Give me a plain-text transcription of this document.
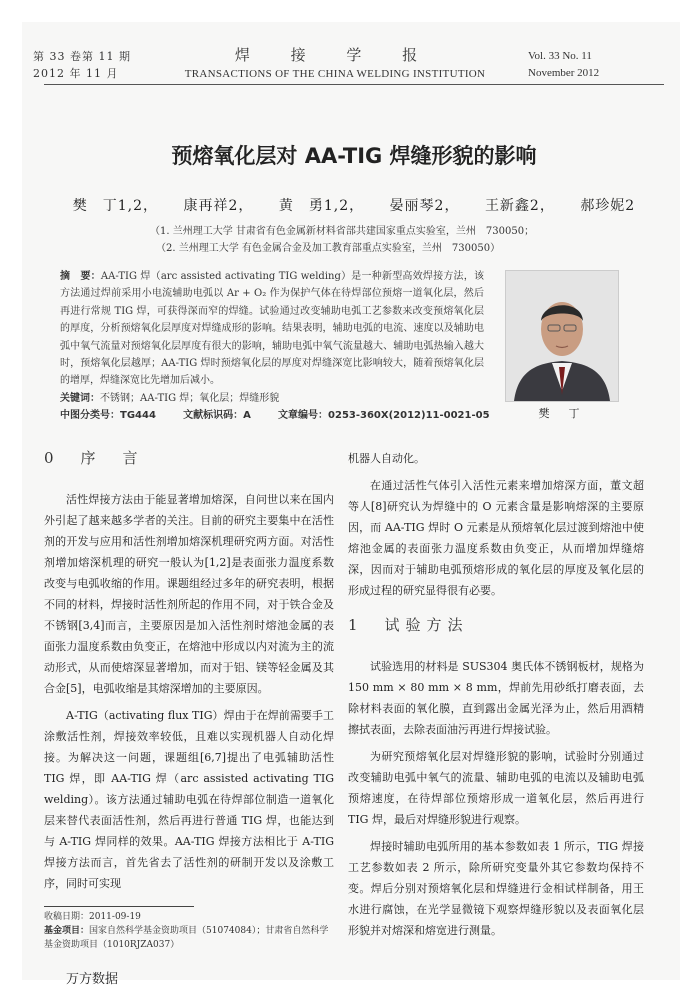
第 33 卷第 11 期
2012 年 11 月
焊 接 学 报
TRANSACTIONS OF THE CHINA WELDING INSTITUTION
Vol. 33 No. 11
November 2012
预熔氧化层对 AA-TIG 焊缝形貌的影响
樊　丁1,2， 康再祥2， 黄　勇1,2， 晏丽琴2， 王新鑫2， 郝珍妮2
（1. 兰州理工大学 甘肃省有色金属新材料省部共建国家重点实验室，兰州　730050；
（2. 兰州理工大学 有色金属合金及加工教育部重点实验室，兰州　730050）
摘　要：AA-TIG 焊（arc assisted activating TIG welding）是一种新型高效焊接方法，该方法通过焊前采用小电流辅助电弧以 Ar + O₂ 作为保护气体在待焊部位预熔一道氧化层，然后再进行常规 TIG 焊，可获得深而窄的焊缝。试验通过改变辅助电弧工艺参数来改变预熔氧化层的厚度，分析预熔氧化层厚度对焊缝成形的影响。结果表明，辅助电弧的电流、速度以及辅助电弧中氧气流量对预熔氧化层厚度有很大的影响，辅助电弧中氧气流量越大、辅助电弧热输入越大时，预熔氧化层越厚；AA-TIG 焊时预熔氧化层的厚度对焊缝深宽比影响较大，随着预熔氧化层的增厚，焊缝深宽比先增加后减小。
关键词：不锈钢；AA-TIG 焊；氧化层；焊缝形貌
中图分类号：TG444	文献标识码：A	文章编号：0253-360X(2012)11-0021-05	樊　丁
0　序　言

活性焊接方法由于能显著增加熔深，自问世以来在国内外引起了越来越多学者的关注。目前的研究主要集中在活性剂的开发与应用和活性剂增加熔深机理研究两方面。对活性剂增加熔深机理的研究一般认为[1,2]是表面张力温度系数改变与电弧收缩的作用。课题组经过多年的研究表明，根据不同的材料，焊接时活性剂所起的作用不同，对于铁合金及不锈钢[3,4]而言，主要原因是加入活性剂时熔池金属的表面张力温度系数由负变正，在熔池中形成以内对流为主的流动形式，从而使熔深显著增加，而对于铝、镁等轻金属及其合金[5]，电弧收缩是其熔深增加的主要原因。

A-TIG（activating flux TIG）焊由于在焊前需要手工涂敷活性剂，焊接效率较低，且难以实现机器人自动化焊接。为解决这一问题，课题组[6,7]提出了电弧辅助活性 TIG 焊，即 AA-TIG 焊（arc assisted activating TIG welding）。该方法通过辅助电弧在待焊部位制造一道氧化层来替代表面活性剂，然后再进行普通 TIG 焊，也能达到与 A-TIG 焊同样的效果。AA-TIG 焊接方法相比于 A-TIG 焊接方法而言，首先省去了活性剂的研制开发以及涂敷工序，同时可实现

机器人自动化。

在通过活性气体引入活性元素来增加熔深方面，董文超等人[8]研究认为焊缝中的 O 元素含量是影响熔深的主要原因，而 AA-TIG 焊时 O 元素是从预熔氧化层过渡到熔池中使熔池金属的表面张力温度系数由负变正，从而增加焊缝熔深，因而对于辅助电弧预熔形成的氧化层的厚度及氧化层的形成过程的研究显得很有必要。

1　试验方法

试验选用的材料是 SUS304 奥氏体不锈钢板材，规格为 150 mm × 80 mm × 8 mm，焊前先用砂纸打磨表面，去除材料表面的氧化膜，直到露出金属光泽为止，然后用酒精擦拭表面，去除表面油污再进行焊接试验。

为研究预熔氧化层对焊缝形貌的影响，试验时分别通过改变辅助电弧中氧气的流量、辅助电弧的电流以及辅助电弧预熔速度，在待焊部位预熔形成一道氧化层，然后再进行 TIG 焊，最后对焊缝形貌进行观察。

焊接时辅助电弧所用的基本参数如表 1 所示，TIG 焊接工艺参数如表 2 所示，除所研究变量外其它参数均保持不变。焊后分别对预熔氧化层和焊缝进行金相试样制备，用王水进行腐蚀，在光学显微镜下观察焊缝形貌以及表面氧化层形貌并对熔深和熔宽进行测量。

收稿日期：2011-09-19
基金项目：国家自然科学基金资助项目（51074084）；甘肃省自然科学基金资助项目（1010RJZA037）
万方数据
